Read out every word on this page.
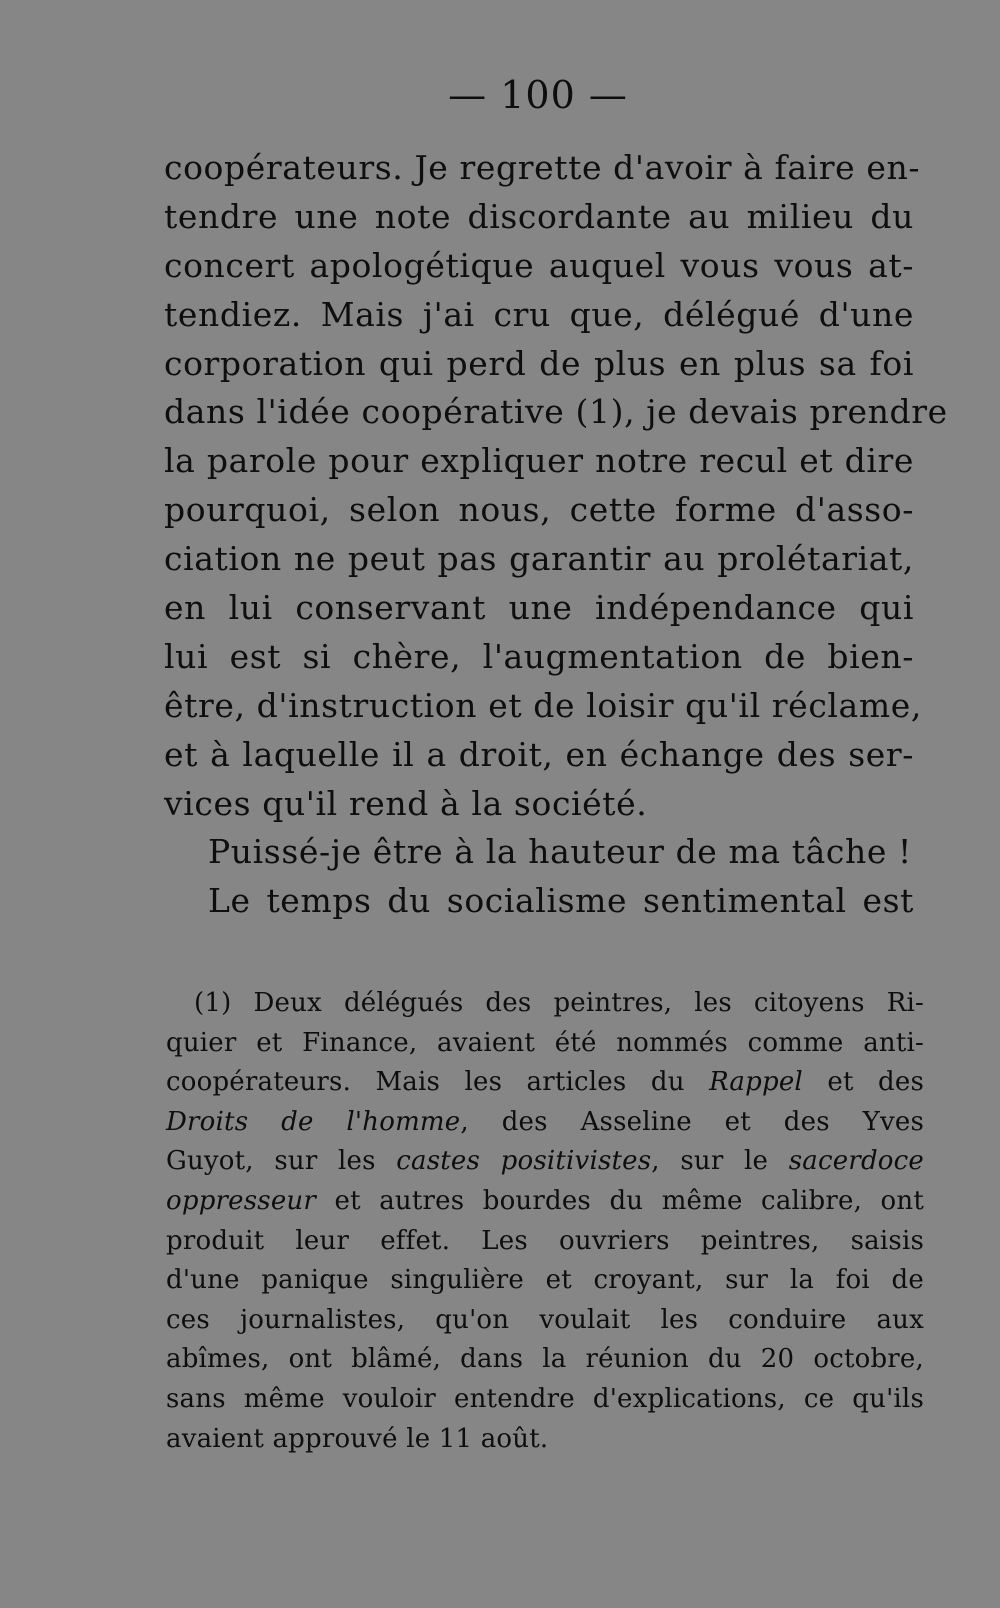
— 100 —
coopérateurs. Je regrette d'avoir à faire en-
tendre une note discordante au milieu du
concert apologétique auquel vous vous at-
tendiez. Mais j'ai cru que, délégué d'une
corporation qui perd de plus en plus sa foi
dans l'idée coopérative (1), je devais prendre
la parole pour expliquer notre recul et dire
pourquoi, selon nous, cette forme d'asso-
ciation ne peut pas garantir au prolétariat,
en lui conservant une indépendance qui
lui est si chère, l'augmentation de bien-
être, d'instruction et de loisir qu'il réclame,
et à laquelle il a droit, en échange des ser-
vices qu'il rend à la société.
Puissé-je être à la hauteur de ma tâche !
Le temps du socialisme sentimental est
(1) Deux délégués des peintres, les citoyens Ri-
quier et Finance, avaient été nommés comme anti-
coopérateurs. Mais les articles du Rappel et des
Droits de l'homme, des Asseline et des Yves
Guyot, sur les castes positivistes, sur le sacerdoce
oppresseur et autres bourdes du même calibre, ont
produit leur effet. Les ouvriers peintres, saisis
d'une panique singulière et croyant, sur la foi de
ces journalistes, qu'on voulait les conduire aux
abîmes, ont blâmé, dans la réunion du 20 octobre,
sans même vouloir entendre d'explications, ce qu'ils
avaient approuvé le 11 août.
